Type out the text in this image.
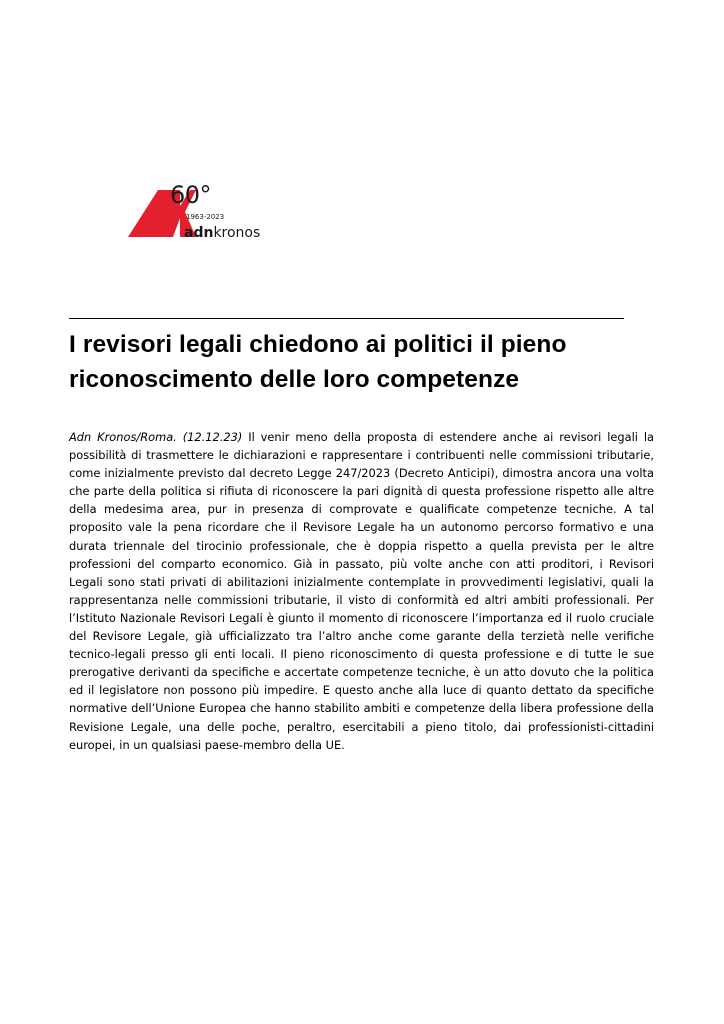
60°
1963-2023
adnkronos
I revisori legali chiedono ai politici il pieno riconoscimento delle loro competenze

Adn Kronos/Roma. (12.12.23) Il venir meno della proposta di estendere anche ai revisori legali la possibilità di trasmettere le dichiarazioni e rappresentare i contribuenti nelle commissioni tributarie, come inizialmente previsto dal decreto Legge 247/2023 (Decreto Anticipi), dimostra ancora una volta che parte della politica si rifiuta di riconoscere la pari dignità di questa professione rispetto alle altre della medesima area, pur in presenza di comprovate e qualificate competenze tecniche. A tal proposito vale la pena ricordare che il Revisore Legale ha un autonomo percorso formativo e una durata triennale del tirocinio professionale, che è doppia rispetto a quella prevista per le altre professioni del comparto economico. Già in passato, più volte anche con atti proditori, i Revisori Legali sono stati privati di abilitazioni inizialmente contemplate in provvedimenti legislativi, quali la rappresentanza nelle commissioni tributarie, il visto di conformità ed altri ambiti professionali. Per l’Istituto Nazionale Revisori Legali è giunto il momento di riconoscere l’importanza ed il ruolo cruciale del Revisore Legale, già ufficializzato tra l’altro anche come garante della terzietà nelle verifiche tecnico-legali presso gli enti locali. Il pieno riconoscimento di questa professione e di tutte le sue prerogative derivanti da specifiche e accertate competenze tecniche, è un atto dovuto che la politica ed il legislatore non possono più impedire. E questo anche alla luce di quanto dettato da specifiche normative dell’Unione Europea che hanno stabilito ambiti e competenze della libera professione della Revisione Legale, una delle poche, peraltro, esercitabili a pieno titolo, dai professionisti-cittadini europei, in un qualsiasi paese-membro della UE.
